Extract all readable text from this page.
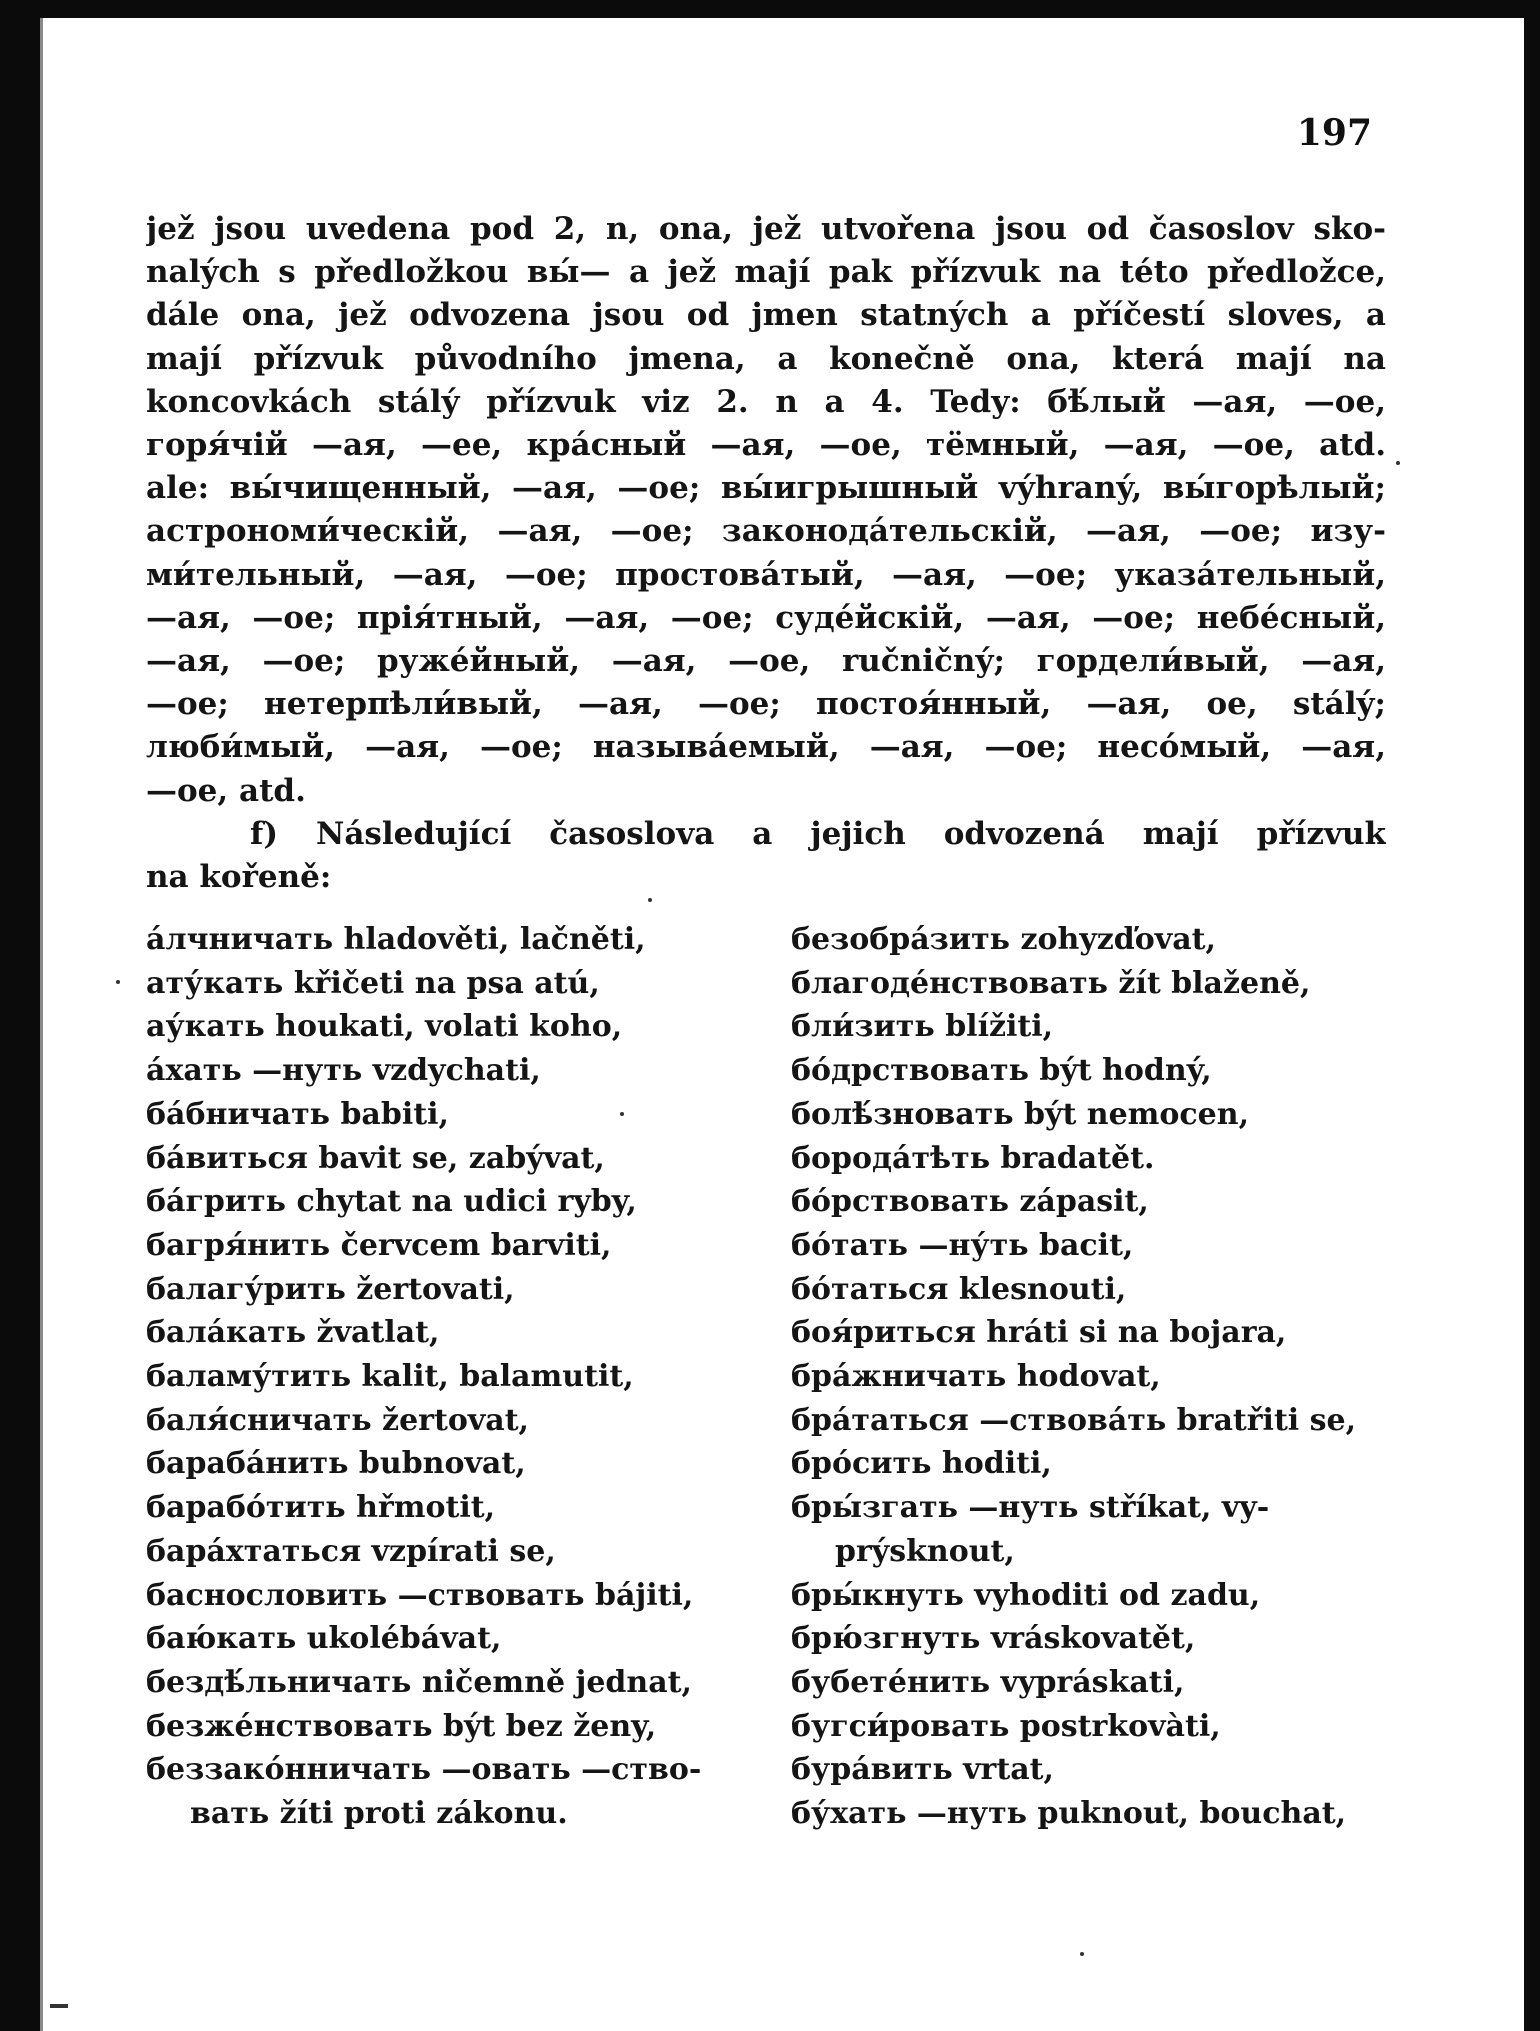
197
jež jsou uvedena pod 2, n, ona, jež utvořena jsou od časoslov sko-
nalých s předložkou вы́— a jež mají pak přízvuk na této předložce,
dále ona, jež odvozena jsou od jmen statných a příčestí sloves, a
mají přízvuk původního jmena, a konečně ona, která mají na
koncovkách stálý přízvuk viz 2. n a 4. Tedy: бѣ́лый —ая, —ое,
горя́чій —ая, —ее, кра́сный —ая, —ое, тёмный, —ая, —ое, atd.
ale: вы́чищенный, —ая, —ое; вы́игрышный výhraný, вы́горѣлый;
астрономи́ческій, —ая, —ое; законода́тельскій, —ая, —ое; изу-
ми́тельный, —ая, —ое; простова́тый, —ая, —ое; указа́тельный,
—ая, —ое; прія́тный, —ая, —ое; суде́йскій, —ая, —ое; небе́сный,
—ая, —ое; руже́йный, —ая, —ое, ručničný; гордели́вый, —ая,
—ое; нетерпѣли́вый, —ая, —ое; постоя́нный, —ая, ое, stálý;
люби́мый, —ая, —ое; называ́емый, —ая, —ое; несо́мый, —ая,
—ое, atd.
f) Následující časoslova a jejich odvozená mají přízvuk
na kořeně:
а́лчничать hladověti, lačněti,
ату́кать křičeti na psa atú,
ау́кать houkati, volati koho,
а́хать —нуть vzdychati,
ба́бничать babiti,
ба́виться bavit se, zabývat,
ба́грить chytat na udici ryby,
багря́нить červcem barviti,
балагу́рить žertovati,
бала́кать žvatlat,
баламу́тить kalit, balamutit,
баля́сничать žertovat,
бараба́нить bubnovat,
барабо́тить hřmotit,
бара́хтаться vzpírati se,
баснословить —ствовать bájiti,
баю́кать ukolébávat,
бездѣ́льничать ničemně jednat,
безже́нствовать být bez ženy,
беззако́нничать —овать —ство-
вать žíti proti zákonu.
безобра́зить zohyzďovat,
благоде́нствовать žít blaženě,
бли́зить blížiti,
бо́дрствовать být hodný,
болѣ́зновать být nemocen,
борода́тѣть bradatět.
бо́рствовать zápasit,
бо́тать —ну́ть bacit,
бо́таться klesnouti,
боя́риться hráti si na bojara,
бра́жничать hodovat,
бра́таться —ствова́ть bratřiti se,
бро́сить hoditi,
бры́згать —нуть stříkat, vy-
prýsknout,
бры́кнуть vyhoditi od zadu,
брю́згнуть vráskovatět,
бубете́нить vypráskati,
бугси́ровать postrkovàti,
бура́вить vrtat,
бу́хать —нуть puknout, bouchat,
